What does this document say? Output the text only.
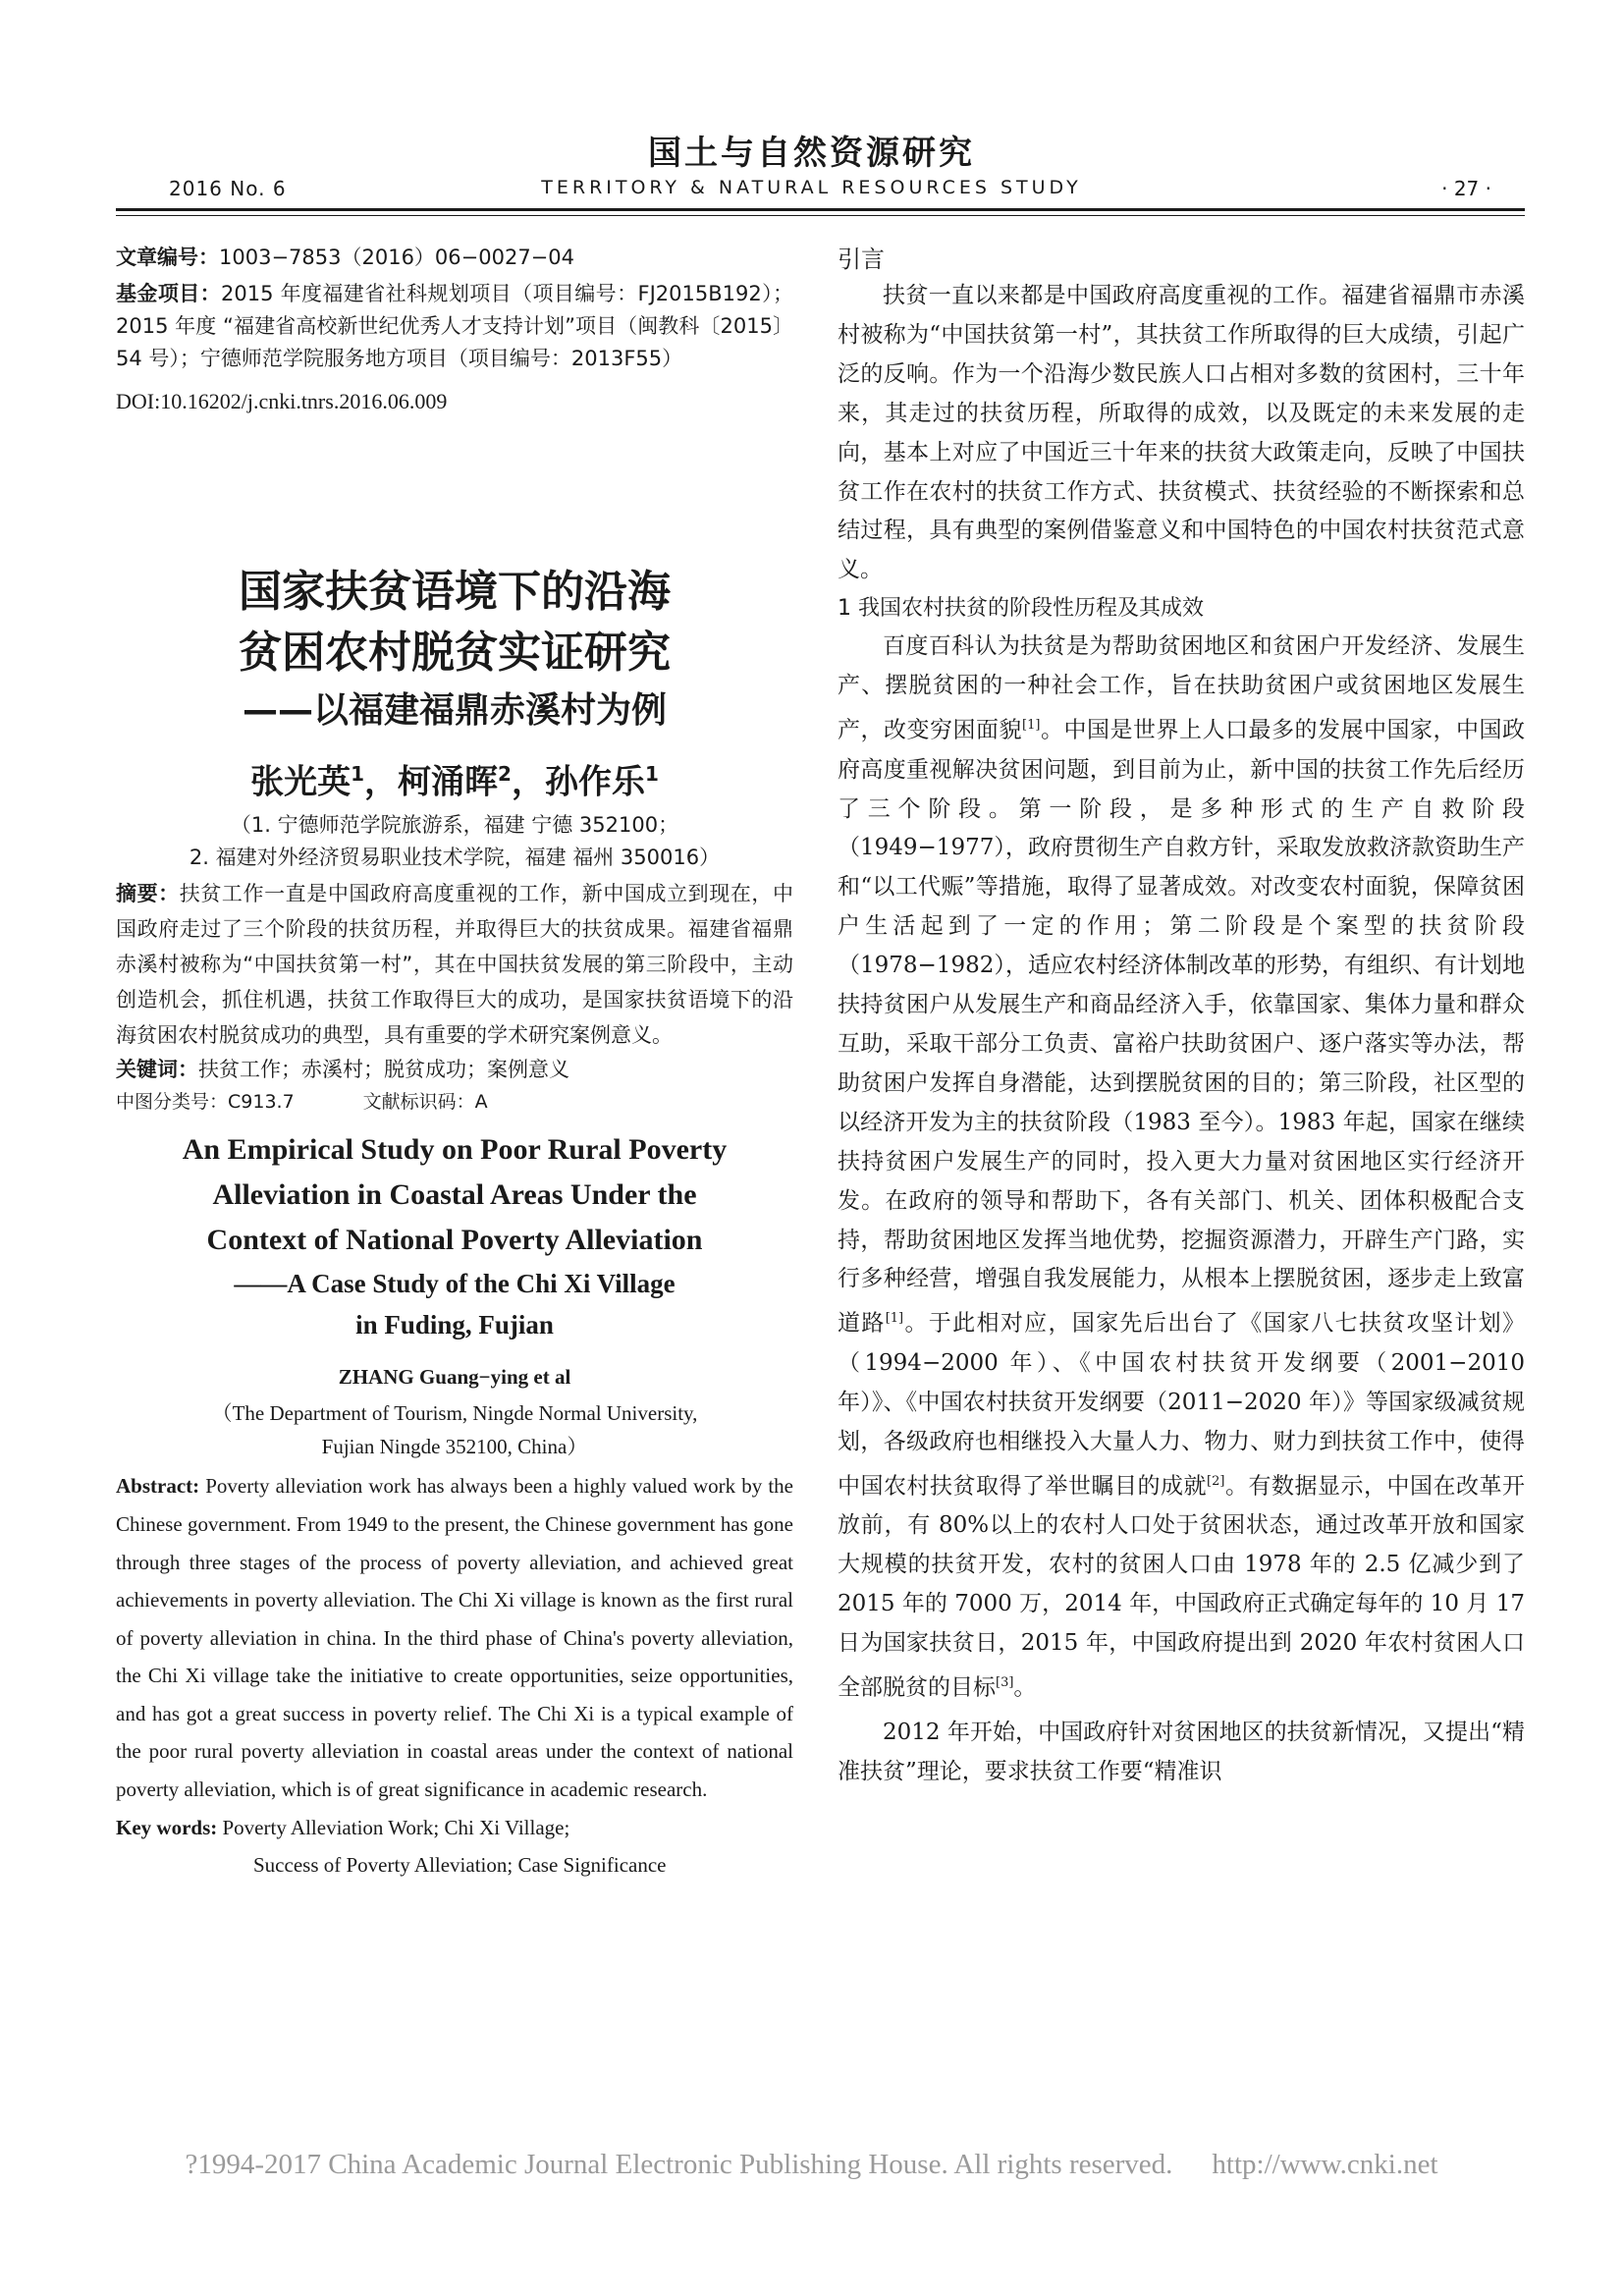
国土与自然资源研究
2016 No. 6	TERRITORY & NATURAL RESOURCES STUDY	· 27 ·
文章编号：1003−7853（2016）06−0027−04
基金项目：2015 年度福建省社科规划项目（项目编号：FJ2015B192）；2015 年度 “福建省高校新世纪优秀人才支持计划”项目（闽教科〔2015〕54 号）；宁德师范学院服务地方项目（项目编号：2013F55）
DOI:10.16202/j.cnki.tnrs.2016.06.009
国家扶贫语境下的沿海
贫困农村脱贫实证研究
——以福建福鼎赤溪村为例
张光英$^1$，柯涌晖$^2$，孙作乐$^1$
（1. 宁德师范学院旅游系，福建 宁德 352100；
2. 福建对外经济贸易职业技术学院，福建 福州 350016）
摘要：扶贫工作一直是中国政府高度重视的工作，新中国成立到现在，中国政府走过了三个阶段的扶贫历程，并取得巨大的扶贫成果。福建省福鼎赤溪村被称为“中国扶贫第一村”，其在中国扶贫发展的第三阶段中，主动创造机会，抓住机遇，扶贫工作取得巨大的成功，是国家扶贫语境下的沿海贫困农村脱贫成功的典型，具有重要的学术研究案例意义。
关键词：扶贫工作；赤溪村；脱贫成功；案例意义
中图分类号：C913.7	文献标识码：A
An Empirical Study on Poor Rural Poverty
Alleviation in Coastal Areas Under the
Context of National Poverty Alleviation
——A Case Study of the Chi Xi Village
in Fuding, Fujian
ZHANG Guang−ying et al
（The Department of Tourism, Ningde Normal University,
Fujian Ningde 352100, China）
Abstract: Poverty alleviation work has always been a highly valued work by the Chinese government. From 1949 to the present, the Chinese government has gone through three stages of the process of poverty alleviation, and achieved great achievements in poverty alleviation. The Chi Xi village is known as the first rural of poverty alleviation in china. In the third phase of China's poverty alleviation, the Chi Xi village take the initiative to create opportunities, seize opportunities, and has got a great success in poverty relief. The Chi Xi is a typical example of the poor rural poverty alleviation in coastal areas under the context of national poverty alleviation, which is of great significance in academic research.
Key words: Poverty Alleviation Work; Chi Xi Village;
Success of Poverty Alleviation; Case Significance
引言
扶贫一直以来都是中国政府高度重视的工作。福建省福鼎市赤溪村被称为“中国扶贫第一村”，其扶贫工作所取得的巨大成绩，引起广泛的反响。作为一个沿海少数民族人口占相对多数的贫困村，三十年来，其走过的扶贫历程，所取得的成效，以及既定的未来发展的走向，基本上对应了中国近三十年来的扶贫大政策走向，反映了中国扶贫工作在农村的扶贫工作方式、扶贫模式、扶贫经验的不断探索和总结过程，具有典型的案例借鉴意义和中国特色的中国农村扶贫范式意义。
1 我国农村扶贫的阶段性历程及其成效
百度百科认为扶贫是为帮助贫困地区和贫困户开发经济、发展生产、摆脱贫困的一种社会工作，旨在扶助贫困户或贫困地区发展生产，改变穷困面貌[1]。中国是世界上人口最多的发展中国家，中国政府高度重视解决贫困问题，到目前为止，新中国的扶贫工作先后经历了三个阶段。第一阶段，是多种形式的生产自救阶段（1949−1977），政府贯彻生产自救方针，采取发放救济款资助生产和“以工代赈”等措施，取得了显著成效。对改变农村面貌，保障贫困户生活起到了一定的作用；第二阶段是个案型的扶贫阶段（1978−1982），适应农村经济体制改革的形势，有组织、有计划地扶持贫困户从发展生产和商品经济入手，依靠国家、集体力量和群众互助，采取干部分工负责、富裕户扶助贫困户、逐户落实等办法，帮助贫困户发挥自身潜能，达到摆脱贫困的目的；第三阶段，社区型的以经济开发为主的扶贫阶段（1983 至今）。1983 年起，国家在继续扶持贫困户发展生产的同时，投入更大力量对贫困地区实行经济开发。在政府的领导和帮助下，各有关部门、机关、团体积极配合支持，帮助贫困地区发挥当地优势，挖掘资源潜力，开辟生产门路，实行多种经营，增强自我发展能力，从根本上摆脱贫困，逐步走上致富道路[1]。于此相对应，国家先后出台了《国家八七扶贫攻坚计划》（1994−2000 年）、《中国农村扶贫开发纲要（2001−2010 年）》、《中国农村扶贫开发纲要（2011−2020 年）》等国家级减贫规划，各级政府也相继投入大量人力、物力、财力到扶贫工作中，使得中国农村扶贫取得了举世瞩目的成就[2]。有数据显示，中国在改革开放前，有 80%以上的农村人口处于贫困状态，通过改革开放和国家大规模的扶贫开发，农村的贫困人口由 1978 年的 2.5 亿减少到了 2015 年的 7000 万，2014 年，中国政府正式确定每年的 10 月 17 日为国家扶贫日，2015 年，中国政府提出到 2020 年农村贫困人口全部脱贫的目标[3]。
2012 年开始，中国政府针对贫困地区的扶贫新情况，又提出“精准扶贫”理论，要求扶贫工作要“精准识
?1994-2017 China Academic Journal Electronic Publishing House. All rights reserved. http://www.cnki.net
